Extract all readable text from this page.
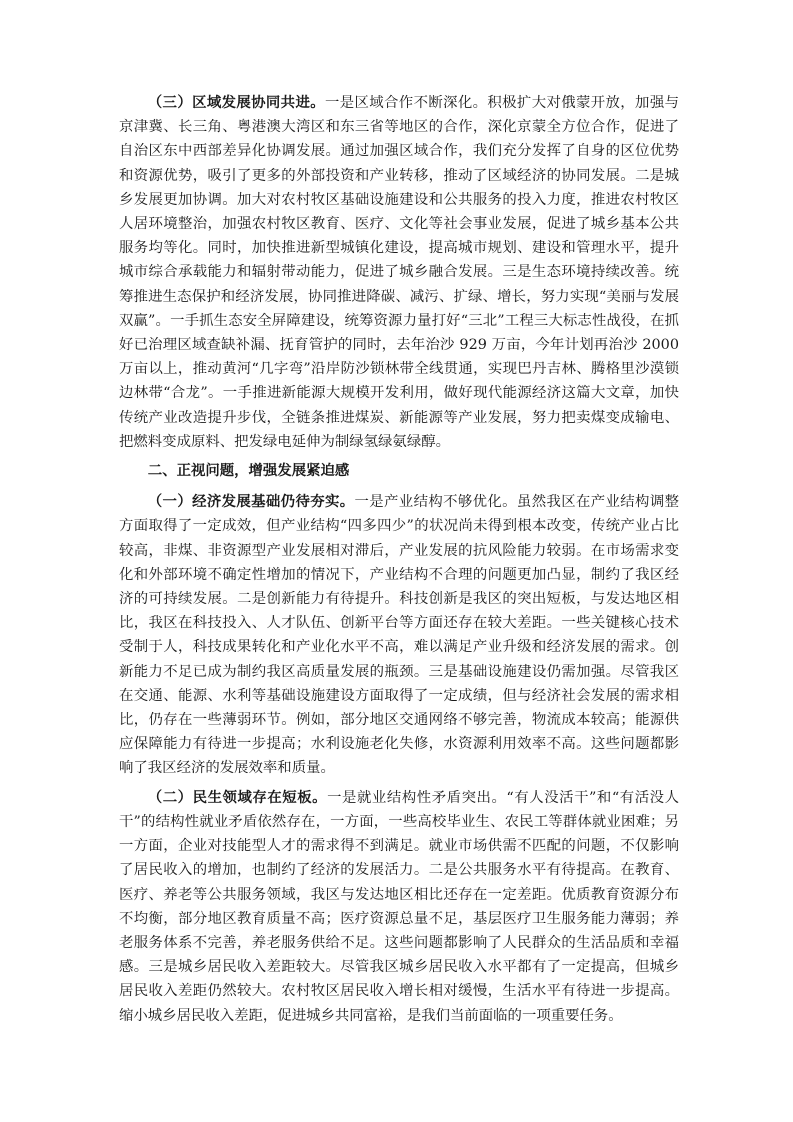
（三）区域发展协同共进。一是区域合作不断深化。积极扩大对俄蒙开放，加强与京津冀、长三角、粤港澳大湾区和东三省等地区的合作，深化京蒙全方位合作，促进了自治区东中西部差异化协调发展。通过加强区域合作，我们充分发挥了自身的区位优势和资源优势，吸引了更多的外部投资和产业转移，推动了区域经济的协同发展。二是城乡发展更加协调。加大对农村牧区基础设施建设和公共服务的投入力度，推进农村牧区人居环境整治，加强农村牧区教育、医疗、文化等社会事业发展，促进了城乡基本公共服务均等化。同时，加快推进新型城镇化建设，提高城市规划、建设和管理水平，提升城市综合承载能力和辐射带动能力，促进了城乡融合发展。三是生态环境持续改善。统筹推进生态保护和经济发展，协同推进降碳、减污、扩绿、增长，努力实现“美丽与发展双赢”。一手抓生态安全屏障建设，统筹资源力量打好“三北”工程三大标志性战役，在抓好已治理区域查缺补漏、抚育管护的同时，去年治沙 929 万亩，今年计划再治沙 2000 万亩以上，推动黄河“几字弯”沿岸防沙锁林带全线贯通，实现巴丹吉林、腾格里沙漠锁边林带“合龙”。一手推进新能源大规模开发利用，做好现代能源经济这篇大文章，加快传统产业改造提升步伐，全链条推进煤炭、新能源等产业发展，努力把卖煤变成输电、把燃料变成原料、把发绿电延伸为制绿氢绿氨绿醇。

二、正视问题，增强发展紧迫感

（一）经济发展基础仍待夯实。一是产业结构不够优化。虽然我区在产业结构调整方面取得了一定成效，但产业结构“四多四少”的状况尚未得到根本改变，传统产业占比较高，非煤、非资源型产业发展相对滞后，产业发展的抗风险能力较弱。在市场需求变化和外部环境不确定性增加的情况下，产业结构不合理的问题更加凸显，制约了我区经济的可持续发展。二是创新能力有待提升。科技创新是我区的突出短板，与发达地区相比，我区在科技投入、人才队伍、创新平台等方面还存在较大差距。一些关键核心技术受制于人，科技成果转化和产业化水平不高，难以满足产业升级和经济发展的需求。创新能力不足已成为制约我区高质量发展的瓶颈。三是基础设施建设仍需加强。尽管我区在交通、能源、水利等基础设施建设方面取得了一定成绩，但与经济社会发展的需求相比，仍存在一些薄弱环节。例如，部分地区交通网络不够完善，物流成本较高；能源供应保障能力有待进一步提高；水利设施老化失修，水资源利用效率不高。这些问题都影响了我区经济的发展效率和质量。

（二）民生领域存在短板。一是就业结构性矛盾突出。“有人没活干”和“有活没人干”的结构性就业矛盾依然存在，一方面，一些高校毕业生、农民工等群体就业困难；另一方面，企业对技能型人才的需求得不到满足。就业市场供需不匹配的问题，不仅影响了居民收入的增加，也制约了经济的发展活力。二是公共服务水平有待提高。在教育、医疗、养老等公共服务领域，我区与发达地区相比还存在一定差距。优质教育资源分布不均衡，部分地区教育质量不高；医疗资源总量不足，基层医疗卫生服务能力薄弱；养老服务体系不完善，养老服务供给不足。这些问题都影响了人民群众的生活品质和幸福感。三是城乡居民收入差距较大。尽管我区城乡居民收入水平都有了一定提高，但城乡居民收入差距仍然较大。农村牧区居民收入增长相对缓慢，生活水平有待进一步提高。缩小城乡居民收入差距，促进城乡共同富裕，是我们当前面临的一项重要任务。
